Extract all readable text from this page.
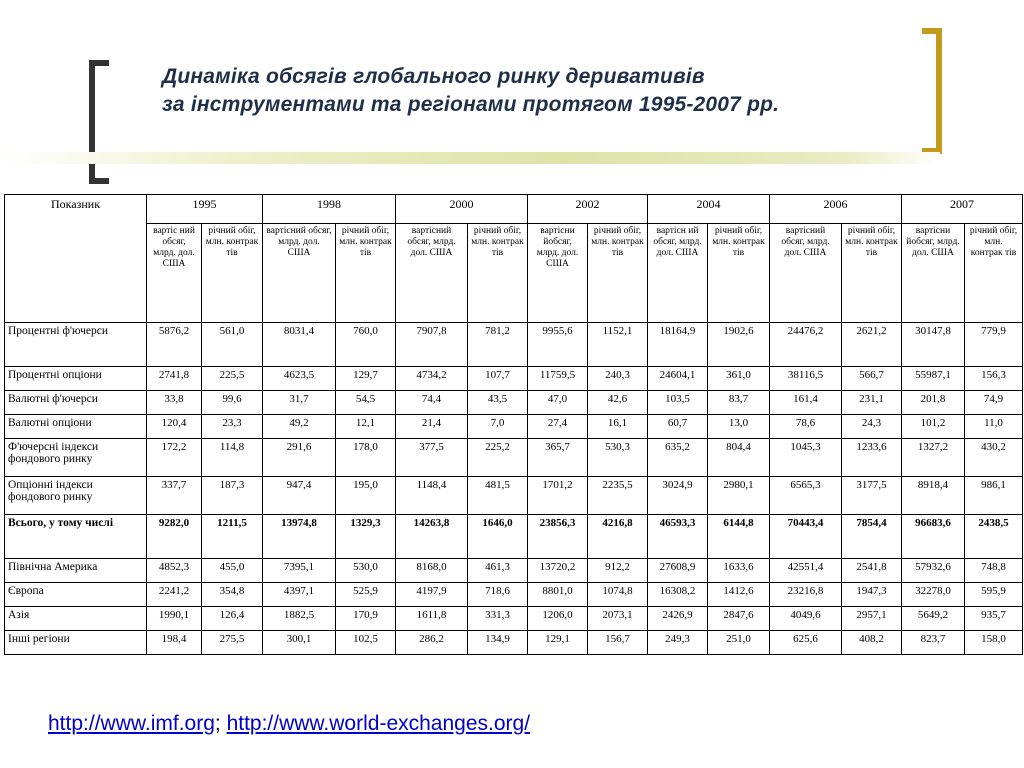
Динаміка обсягів глобального ринку деривативів
за інструментами та регіонами протягом 1995-2007 рр.
Показник	1995		1998		2000		2002		2004		2006		2007	
	вартіс ний обсяг, млрд. дол. США	річний обіг, млн. контрак тів	вартісний обсяг, млрд. дол. США	річний обіг, млн. контрак тів	вартісний обсяг, млрд. дол. США	річний обіг, млн. контрак тів	вартісни йобсяг, млрд. дол. США	річний обіг, млн. контрак тів	вартісн ий обсяг, млрд. дол. США	річний обіг, млн. контрак тів	вартісний обсяг, млрд. дол. США	річний обіг, млн. контрак тів	вартісни йобсяг, млрд. дол. США	річний обіг, млн. контрак тів
Процентні ф'ючерси	5876,2	561,0	8031,4	760,0	7907,8	781,2	9955,6	1152,1	18164,9	1902,6	24476,2	2621,2	30147,8	779,9
Процентні опціони	2741,8	225,5	4623,5	129,7	4734,2	107,7	11759,5	240,3	24604,1	361,0	38116,5	566,7	55987,1	156,3
Валютні ф'ючерси	33,8	99,6	31,7	54,5	74,4	43,5	47,0	42,6	103,5	83,7	161,4	231,1	201,8	74,9
Валютні опціони	120,4	23,3	49,2	12,1	21,4	7,0	27,4	16,1	60,7	13,0	78,6	24,3	101,2	11,0
Ф'ючерсні індекси фондового ринку	172,2	114,8	291,6	178,0	377,5	225,2	365,7	530,3	635,2	804,4	1045,3	1233,6	1327,2	430,2
Опціонні індекси фондового ринку	337,7	187,3	947,4	195,0	1148,4	481,5	1701,2	2235,5	3024,9	2980,1	6565,3	3177,5	8918,4	986,1
Всього, у тому числі	9282,0	1211,5	13974,8	1329,3	14263,8	1646,0	23856,3	4216,8	46593,3	6144,8	70443,4	7854,4	96683,6	2438,5
Північна Америка	4852,3	455,0	7395,1	530,0	8168,0	461,3	13720,2	912,2	27608,9	1633,6	42551,4	2541,8	57932,6	748,8
Європа	2241,2	354,8	4397,1	525,9	4197,9	718,6	8801,0	1074,8	16308,2	1412,6	23216,8	1947,3	32278,0	595,9
Азія	1990,1	126,4	1882,5	170,9	1611,8	331,3	1206,0	2073,1	2426,9	2847,6	4049,6	2957,1	5649,2	935,7
Інші регіони	198,4	275,5	300,1	102,5	286,2	134,9	129,1	156,7	249,3	251,0	625,6	408,2	823,7	158,0
http://www.imf.org; http://www.world-exchanges.org/
